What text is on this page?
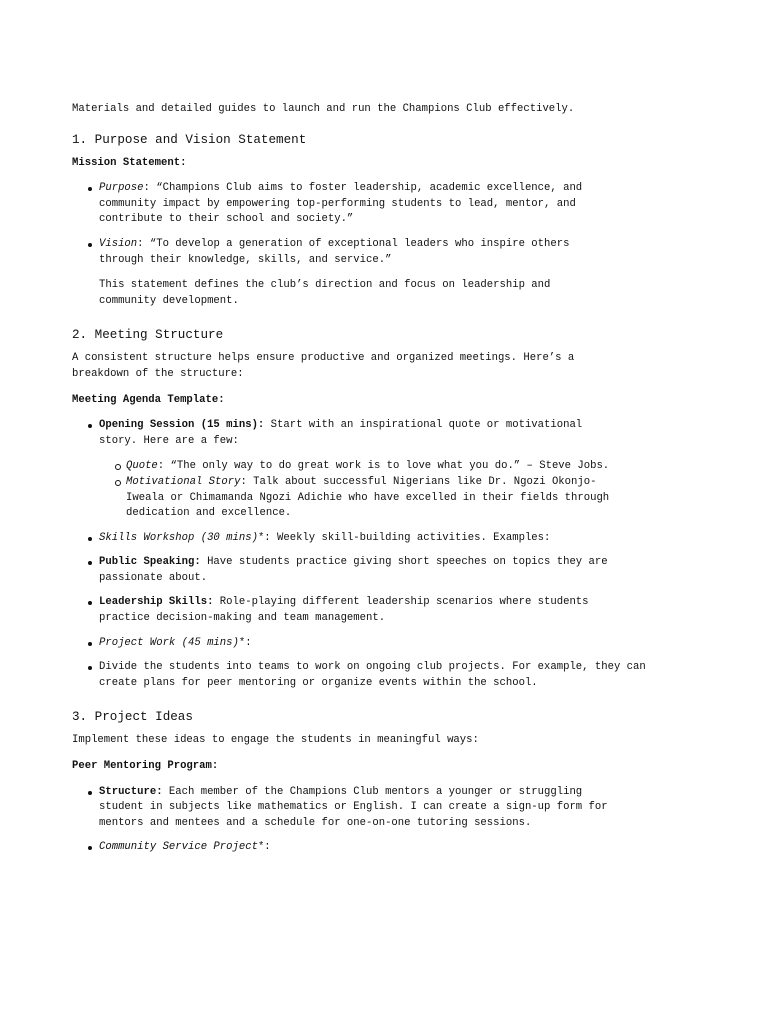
Materials and detailed guides to launch and run the Champions Club effectively.

1. Purpose and Vision Statement

Mission Statement:

Purpose: “Champions Club aims to foster leadership, academic excellence, and community impact by empowering top-performing students to lead, mentor, and contribute to their school and society.”
Vision: “To develop a generation of exceptional leaders who inspire others through their knowledge, skills, and service.”

This statement defines the club’s direction and focus on leadership and community development.

2. Meeting Structure

A consistent structure helps ensure productive and organized meetings. Here’s a breakdown of the structure:

Meeting Agenda Template:

Opening Session (15 mins): Start with an inspirational quote or motivational story. Here are a few:
Quote: “The only way to do great work is to love what you do.” – Steve Jobs.
Motivational Story: Talk about successful Nigerians like Dr. Ngozi Okonjo-Iweala or Chimamanda Ngozi Adichie who have excelled in their fields through dedication and excellence.
Skills Workshop (30 mins)*: Weekly skill-building activities. Examples:
Public Speaking: Have students practice giving short speeches on topics they are passionate about.
Leadership Skills: Role-playing different leadership scenarios where students practice decision-making and team management.
Project Work (45 mins)*:
Divide the students into teams to work on ongoing club projects. For example, they can create plans for peer mentoring or organize events within the school.
3. Project Ideas

Implement these ideas to engage the students in meaningful ways:

Peer Mentoring Program:

Structure: Each member of the Champions Club mentors a younger or struggling student in subjects like mathematics or English. I can create a sign-up form for mentors and mentees and a schedule for one-on-one tutoring sessions.
Community Service Project*:
